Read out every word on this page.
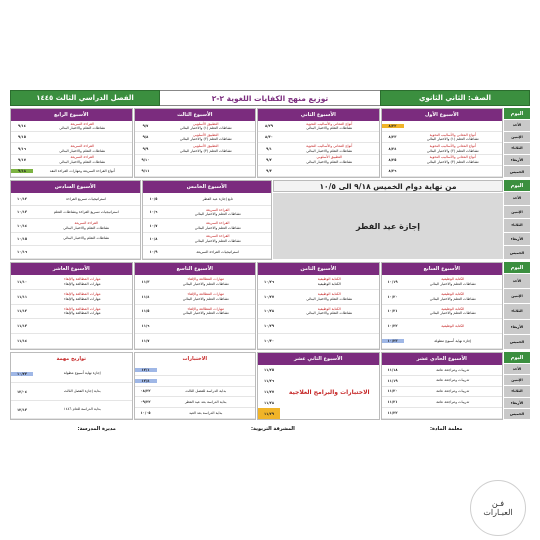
الصف: الثاني الثانوي
توزيع منهج الكفايات اللغوية ٢-٢
الفصل الدراسي الثالث ١٤٤٥
اليوم
الأحد
الإثنين
الثلاثاء
الأربعاء
الخميس
الأسبوع الأول
٨/٢٢
أنواع المعاني والأساليب النحوية
نشاطات التعلم (١) والاختبار البنائي
٨/٢٣
أنواع المعاني والأساليب النحوية
نشاطات التعلم (٢) والاختبار البنائي
٨/٢٤
أنواع المعاني والأساليب النحوية
نشاطات التعلم (٣) والاختبار البنائي
٨/٢٥
٨/٢٦
الأسبوع الثاني
أنواع المعاني والأساليب النحوية
نشاطات التعلم والاختبار البنائي
٨/٢٩
٨/٣٠
أنواع المعاني والأساليب النحوية
نشاطات التعلم والاختبار البنائي
٩/١
التطبيق الأسلوبي
نشاطات التعلم والاختبار البنائي
٩/٢
٩/٣
الأسبوع الثالث
التطبيق الأسلوبي
نشاطات التعلم (١) والاختبار البنائي
٩/٧
التطبيق الأسلوبي
نشاطات التعلم (٢) والاختبار البنائي
٩/٨
التطبيق الأسلوبي
نشاطات التعلم (٣) والاختبار البنائي
٩/٩
٩/١٠
٩/١١
الأسبوع الرابع
القراءة السريعة
نشاطات التعلم والاختبار البنائي
٩/١٤
٩/١٥
القراءة السريعة
نشاطات التعلم والاختبار البنائي
٩/١٦
القراءة السريعة
نشاطات التعلم والاختبار البنائي
٩/١٧
أنواع القراءة السريعة ومهارات القراءة النقد
٩/١٨
اليوم
الأحد
الإثنين
الثلاثاء
الأربعاء
الخميس
الأسبوع الخامس
تابع إجازة عيد الفطر
١٠/٥
القراءة السريعة
نشاطات التعلم والاختبار البنائي
١٠/٦
القراءة السريعة
نشاطات التعلم والاختبار البنائي
١٠/٧
القراءة السريعة
نشاطات التعلم والاختبار البنائي
١٠/٨
استراتيجيات القراءة السريعة
١٠/٩
الأسبوع السادس
استراتيجيات تسريع القراءة
١٠/١٢
استراتيجيات تسريع القراءة ونشاطات التعلم
١٠/١٣
القراءة السريعة
نشاطات التعلم والاختبار البنائي
١٠/١٤
نشاطات التعلم والاختبار البنائي
١٠/١٥
١٠/١٦
من نهاية دوام الخميس ٩/١٨ الى ١٠/٥
إجازة عيد الفطر
اليوم
الأحد
الإثنين
الثلاثاء
الأربعاء
الخميس
الأسبوع السابع
الكتابة الوظيفية
نشاطات التعلم والاختبار البنائي
١٠/١٩
الكتابة الوظيفية
نشاطات التعلم والاختبار البنائي
١٠/٢٠
الكتابة الوظيفية
نشاطات التعلم والاختبار البنائي
١٠/٢١
الكتابة الوظيفية
١٠/٢٢
إجازة نهاية أسبوع مطولة
١٠/٢٣
الأسبوع الثامن
الكتابة الوظيفية
الكتابة الوظيفية
١٠/٢٦
الكتابة الوظيفية
نشاطات التعلم والاختبار البنائي
١٠/٢٧
الكتابة الوظيفية
نشاطات التعلم والاختبار البنائي
١٠/٢٨
١٠/٢٩
١٠/٣٠
الأسبوع التاسع
مهارات المطالعة والإلقاء
نشاطات التعلم والاختبار البنائي
١١/٣
مهارات المطالعة والإلقاء
نشاطات التعلم والاختبار البنائي
١١/٤
مهارات المطالعة والإلقاء
نشاطات التعلم والاختبار البنائي
١١/٥
١١/٦
١١/٧
الأسبوع العاشر
مهارات المطالعة والإلقاء
مهارات المطالعة والإلقاء
١١/١٠
مهارات المطالعة والإلقاء
مهارات المطالعة والإلقاء
١١/١١
مهارات المطالعة والإلقاء
مهارات المطالعة والإلقاء
١١/١٢
١١/١٣
١١/١٤
اليوم
الأحد
الإثنين
الثلاثاء
الأربعاء
الخميس
الأسبوع الحادي عشر
تدريبات ومراجعة عامة
١١/١٨
تدريبات ومراجعة عامة
١١/١٩
تدريبات ومراجعة عامة
١١/٢٠
تدريبات ومراجعة عامة
١١/٢١
١١/٢٢
الأسبوع الثاني عشر
الاختبارات والبرامج العلاجية
١١/٢٥
١١/٢٦
١١/٢٧
١١/٢٨
١١/٢٩
الاختبارات
١٢/١
١٢/٤
بداية الدراسة للفصل الثالث
٠٨/٢٢
بداية الدراسة بعد عيد الفطر
٠٩/٢٢
بداية الدراسة بعد العيد
١٠/٠٥
تواريخ مهمة
إجازة نهاية أسبوع مطولة
١٠/٢٣
بداية إجازة الفصل الثالث
١٢/٠٤
بداية الدراسة للعام ١٤٤٦
١٢/١٣
معلمة المادة:
المشرفة التربوية:
مديرة المدرسة:
فـن
العبـارات
